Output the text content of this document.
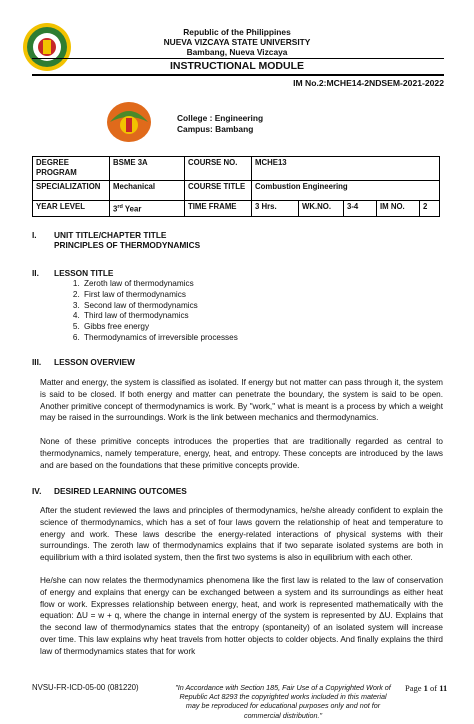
Republic of the Philippines
NUEVA VIZCAYA STATE UNIVERSITY
Bambang, Nueva Vizcaya
INSTRUCTIONAL MODULE
IM No.2:MCHE14-2NDSEM-2021-2022
College : Engineering
Campus: Bambang
DEGREE PROGRAM	BSME 3A	COURSE NO.	MCHE13				
SPECIALIZATION	Mechanical	COURSE TITLE	Combustion Engineering				
YEAR LEVEL	3rd Year	TIME FRAME	3 Hrs.	WK.NO.	3-4	IM NO.	2
I. UNIT TITLE/CHAPTER TITLE
PRINCIPLES OF THERMODYNAMICS
II. LESSON TITLE
1. Zeroth law of thermodynamics
2. First law of thermodynamics
3. Second law of thermodynamics
4. Third law of thermodynamics
5. Gibbs free energy
6. Thermodynamics of irreversible processes
III. LESSON OVERVIEW

Matter and energy, the system is classified as isolated. If energy but not matter can pass through it, the system is said to be closed. If both energy and matter can penetrate the boundary, the system is said to be open. Another primitive concept of thermodynamics is work. By "work," what is meant is a process by which a weight may be raised in the surroundings. Work is the link between mechanics and thermodynamics.

None of these primitive concepts introduces the properties that are traditionally regarded as central to thermodynamics, namely temperature, energy, heat, and entropy. These concepts are introduced by the laws and are based on the foundations that these primitive concepts provide.

IV. DESIRED LEARNING OUTCOMES

After the student reviewed the laws and principles of thermodynamics, he/she already confident to explain the science of thermodynamics, which has a set of four laws govern the relationship of heat and temperature to energy and work. These laws describe the energy-related interactions of physical systems with their surroundings. The zeroth law of thermodynamics explains that if two separate isolated systems are both in equilibrium with a third isolated system, then the first two systems is also in equilibrium with each other.

He/she can now relates the thermodynamics phenomena like the first law is related to the law of conservation of energy and explains that energy can be exchanged between a system and its surroundings as either heat flow or work. Expresses relationship between energy, heat, and work is represented mathematically with the equation: ΔU = w + q, where the change in internal energy of the system is represented by ΔU. Explains that the second law of thermodynamics states that the entropy (spontaneity) of an isolated system will increase over time. This law explains why heat travels from hotter objects to colder objects. And finally explains the third law of thermodynamics states that for work

NVSU-FR-ICD-05-00 (081220)	"In Accordance with Section 185, Fair Use of a Copyrighted Work of Republic Act 8293 the copyrighted works included in this material may be reproduced for educational purposes only and not for commercial distribution."
Page 1 of 11
